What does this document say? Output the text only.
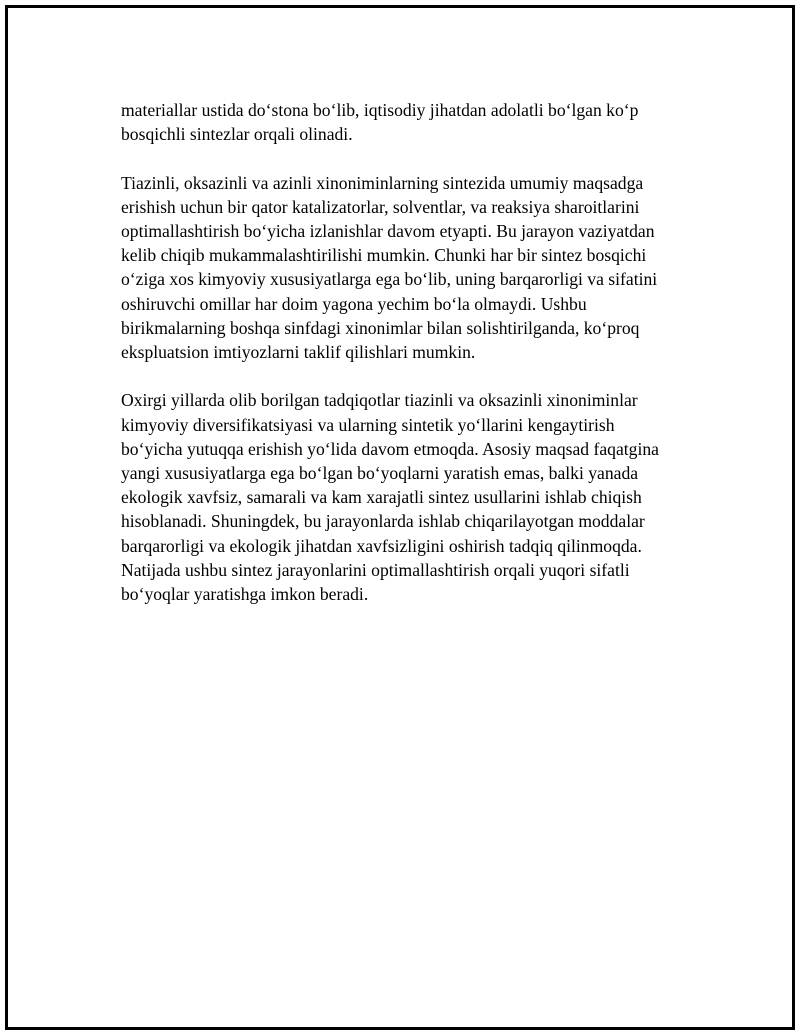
materiallar ustida do‘stona bo‘lib, iqtisodiy jihatdan adolatli bo‘lgan ko‘p
bosqichli sintezlar orqali olinadi.

Tiazinli, oksazinli va azinli xinoniminlarning sintezida umumiy maqsadga
erishish uchun bir qator katalizatorlar, solventlar, va reaksiya sharoitlarini
optimallashtirish bo‘yicha izlanishlar davom etyapti. Bu jarayon vaziyatdan
kelib chiqib mukammalashtirilishi mumkin. Chunki har bir sintez bosqichi
o‘ziga xos kimyoviy xususiyatlarga ega bo‘lib, uning barqarorligi va sifatini
oshiruvchi omillar har doim yagona yechim bo‘la olmaydi. Ushbu
birikmalarning boshqa sinfdagi xinonimlar bilan solishtirilganda, ko‘proq
ekspluatsion imtiyozlarni taklif qilishlari mumkin.

Oxirgi yillarda olib borilgan tadqiqotlar tiazinli va oksazinli xinoniminlar
kimyoviy diversifikatsiyasi va ularning sintetik yo‘llarini kengaytirish
bo‘yicha yutuqqa erishish yo‘lida davom etmoqda. Asosiy maqsad faqatgina
yangi xususiyatlarga ega bo‘lgan bo‘yoqlarni yaratish emas, balki yanada
ekologik xavfsiz, samarali va kam xarajatli sintez usullarini ishlab chiqish
hisoblanadi. Shuningdek, bu jarayonlarda ishlab chiqarilayotgan moddalar
barqarorligi va ekologik jihatdan xavfsizligini oshirish tadqiq qilinmoqda.
Natijada ushbu sintez jarayonlarini optimallashtirish orqali yuqori sifatli
bo‘yoqlar yaratishga imkon beradi.
